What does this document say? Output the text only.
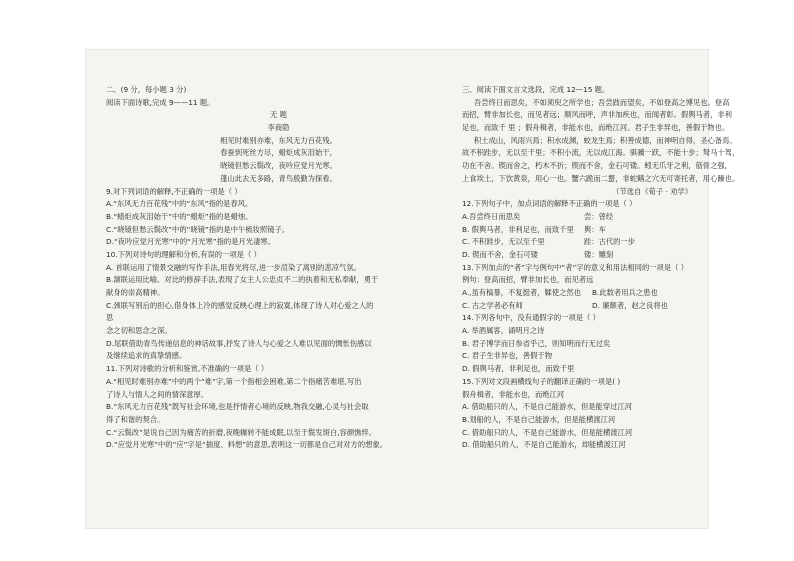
二、(9 分，每小题 3 分)
阅读下面诗歌,完成 9——11 题。
无 题
李商隐
相见时难别亦难，东风无力百花残。
春蚕到死丝方尽，蜡炬成灰泪始干，
晓镜但愁云鬓改，夜吟应觉月光寒。
蓬山此去无多路，青鸟殷勤为探看。
9.对下列词语的解释,不正确的一项是（ ）
A.“东风无力百花残”中的“东风”指的是春风。
B.“蜡炬成灰泪始干”中的“蜡炬”指的是蜡烛。
C.“晓镜但愁云鬓改”中的“晓镜”指的是中午梳妆照镜子。
D.“夜吟应觉月光寒”中的“月光寒”指的是月光凄寒。
10.下列对诗句的理解和分析,有误的一项是（ ）
A. 首联运用了情景交融的写作手法,用春光将尽,进一步渲染了离别的悲凉气氛。
B.颔联运用比喻、对比的修辞手法,表现了女主人公忠贞不二的执着和无私奉献，勇于
献身的崇高精神。
C.颈联写别后的担心,借身体上冷的感觉反映心理上的寂寞,体现了诗人对心爱之人的
思
念之切和思念之深。
D.尾联借助青鸟传递信息的神话故事,抒发了诗人与心爱之人难以见面的惆怅伤感以
及继续追求的真挚情感。
11.下列对诗歌的分析和鉴赏,不准确的一项是（ ）
A.“相见时难别亦难”中的两个“难”字,第一个指相会困难,第二个指痛苦难堪,写出
了诗人与情人之间的情深意厚。
B.“东风无力百花残”既写社会环境,也是抒情者心境的反映,物我交融,心灵与社会取
得了和谐的契合。
C.“云鬓改”是说自己因为痛苦的折磨,夜晚辗转不能成眠,以至于鬓发斑白,容颜憔悴。
D.“应觉月光寒”中的“应”字是“揣度、料想”的意思,表明这一切都是自己对对方的想象。
三、阅读下面文言文选段，完成 12—15 题。
吾尝终日而思矣，不如须臾之所学也；吾尝跂而望矣，不如登高之博见也。登高
而招，臂非加长也，而见者远；顺风而呼，声非加疾也，而闻者彰。假舆马者，非利
足也，而致千 里 ；假舟楫者，非能水也，而绝江河。君子生非异也，善假于物也。
积土成山，风雨兴焉；积水成渊，蛟龙生焉；积善成德，而神明自得，圣心备焉。
故不积跬步，无以至千里；不积小流，无以成江海。骐骥一跃，不能十步；驽马十驾，
功在不舍。锲而舍之，朽木不折；锲而不舍，金石可镂。蚓无爪牙之利，筋骨之强，
上食埃土，下饮黄泉，用心一也。蟹六跪而二螯，非蛇鳝之穴无可寄托者，用心躁也。
（节选自《荀子 · 劝学》
12.下列句子中，加点词语的解释不正确的一项是（ ）
A.吾尝终日而思矣	尝：曾经
B. 假舆马者，非利足也，而致千里	舆：车
C. 不积跬步，无以至千里	跬：古代的一步
D. 锲而不舍，金石可镂	镂：雕刻
13.下列加点的“者”字与例句中“者”字的意义和用法相同的一项是（ ）
例句：登高而招，臂非加长也，而见者远
A.,虽有槁暴，不复挺者，鞣使之然也	B.此数者用兵之患也
C. 古之学者必有师	D. 廉颇者，赵之良将也
14.下列各句中，没有通假字的一项是（ ）
A. 举酒属客，诵明月之诗
B. 君子博学而日参省乎己，则知明而行无过矣
C. 君子生非异也，善假于物
D. 假舆马者，非利足也，而致千里
15.下列对文段画横线句子的翻译正确的一项是( )
假舟楫者，非能水也，而绝江河
A. 借助船只的人，不是自己能游水，但是能穿过江河
B.划船的人，不是自己能游水，但是能横渡江河
C. 借助船只的人，不是自己能游水，但是能横渡江河
D. 借助船只的人，不是自己能游水，却能横渡江河
